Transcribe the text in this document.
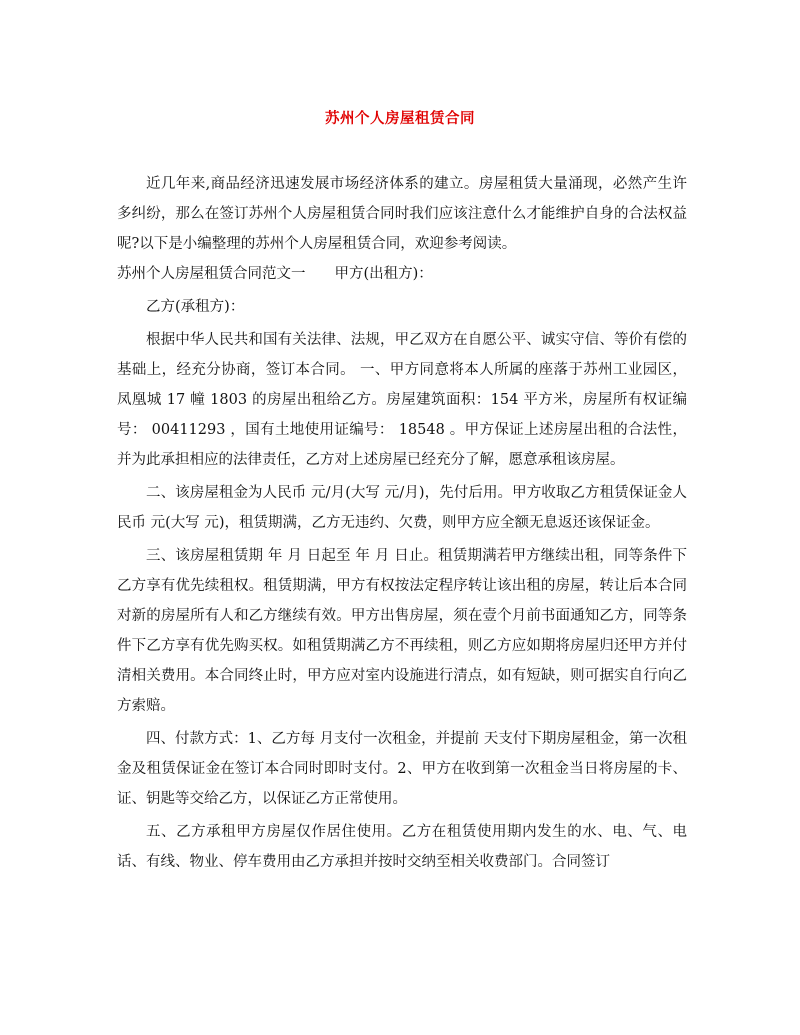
苏州个人房屋租赁合同

近几年来,商品经济迅速发展市场经济体系的建立。房屋租赁大量涌现，必然产生许多纠纷，那么在签订苏州个人房屋租赁合同时我们应该注意什么才能维护自身的合法权益呢?以下是小编整理的苏州个人房屋租赁合同，欢迎参考阅读。

苏州个人房屋租赁合同范文一　　甲方(出租方)：

乙方(承租方)：

根据中华人民共和国有关法律、法规，甲乙双方在自愿公平、诚实守信、等价有偿的基础上，经充分协商，签订本合同。 一、甲方同意将本人所属的座落于苏州工业园区，凤凰城 17 幢 1803 的房屋出租给乙方。房屋建筑面积：154 平方米，房屋所有权证编号： 00411293 ，国有土地使用证编号： 18548 。甲方保证上述房屋出租的合法性，并为此承担相应的法律责任，乙方对上述房屋已经充分了解，愿意承租该房屋。

二、该房屋租金为人民币 元/月(大写 元/月)，先付后用。甲方收取乙方租赁保证金人民币 元(大写 元)，租赁期满，乙方无违约、欠费，则甲方应全额无息返还该保证金。

三、该房屋租赁期 年 月 日起至 年 月 日止。租赁期满若甲方继续出租，同等条件下乙方享有优先续租权。租赁期满，甲方有权按法定程序转让该出租的房屋，转让后本合同对新的房屋所有人和乙方继续有效。甲方出售房屋，须在壹个月前书面通知乙方，同等条件下乙方享有优先购买权。如租赁期满乙方不再续租，则乙方应如期将房屋归还甲方并付清相关费用。本合同终止时，甲方应对室内设施进行清点，如有短缺，则可据实自行向乙方索赔。

四、付款方式：1、乙方每 月支付一次租金，并提前 天支付下期房屋租金，第一次租金及租赁保证金在签订本合同时即时支付。2、甲方在收到第一次租金当日将房屋的卡、证、钥匙等交给乙方，以保证乙方正常使用。

五、乙方承租甲方房屋仅作居住使用。乙方在租赁使用期内发生的水、电、气、电话、有线、物业、停车费用由乙方承担并按时交纳至相关收费部门。合同签订
